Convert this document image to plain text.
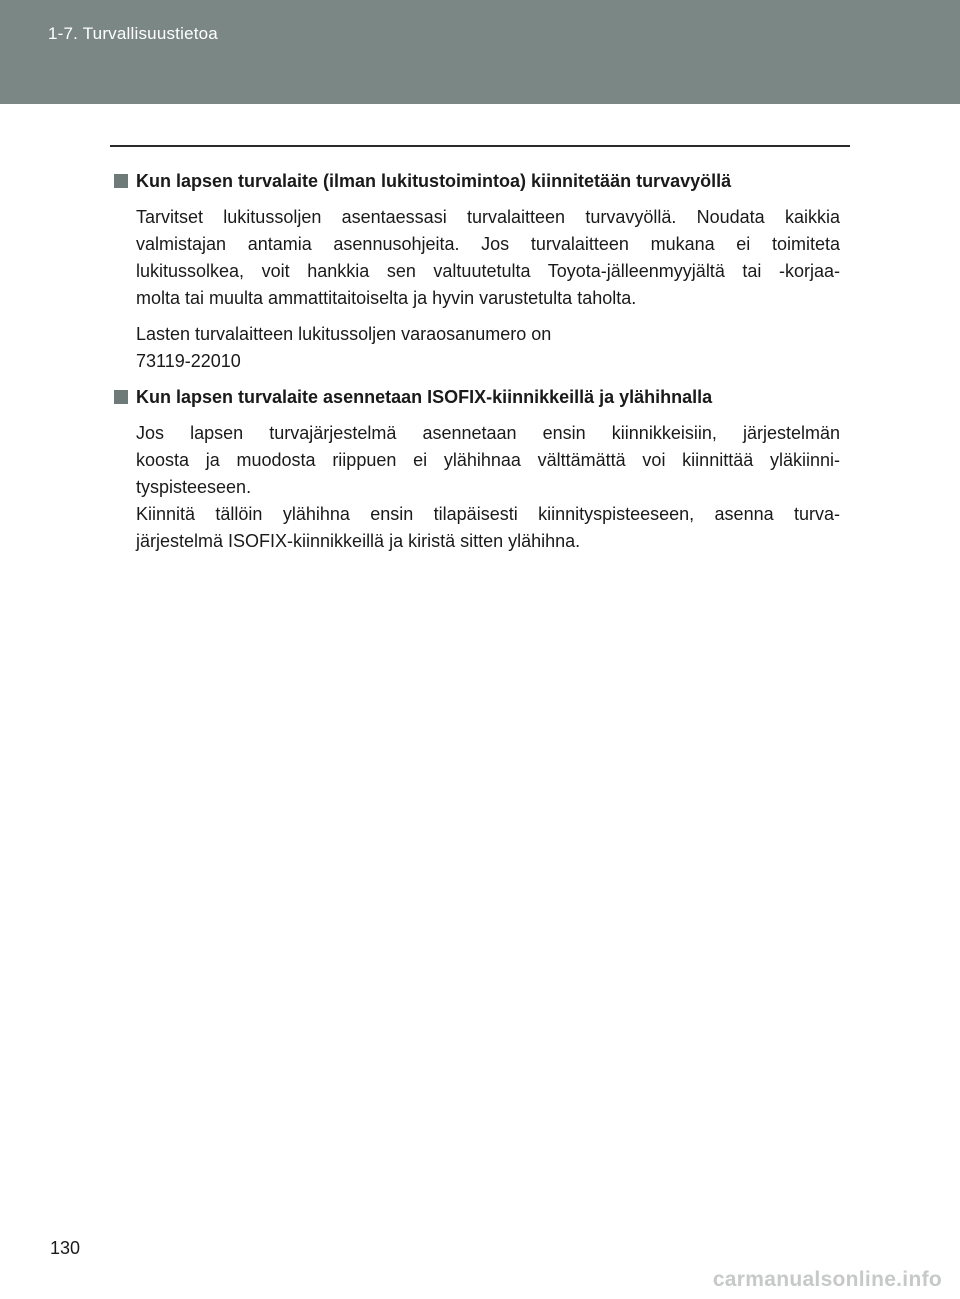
1-7. Turvallisuustietoa
Kun lapsen turvalaite (ilman lukitustoimintoa) kiinnitetään turvavyöllä

Tarvitset lukitussoljen asentaessasi turvalaitteen turvavyöllä. Noudata kaikkia
valmistajan antamia asennusohjeita. Jos turvalaitteen mukana ei toimiteta
lukitussolkea, voit hankkia sen valtuutetulta Toyota-jälleenmyyjältä tai -korjaa-
molta tai muulta ammattitaitoiselta ja hyvin varustetulta taholta.

Lasten turvalaitteen lukitussoljen varaosanumero on
73119-22010

Kun lapsen turvalaite asennetaan ISOFIX-kiinnikkeillä ja ylähihnalla

Jos lapsen turvajärjestelmä asennetaan ensin kiinnikkeisiin, järjestelmän
koosta ja muodosta riippuen ei ylähihnaa välttämättä voi kiinnittää yläkiinni-
tyspisteeseen.
Kiinnitä tällöin ylähihna ensin tilapäisesti kiinnityspisteeseen, asenna turva-
järjestelmä ISOFIX-kiinnikkeillä ja kiristä sitten ylähihna.

130
carmanualsonline.info
